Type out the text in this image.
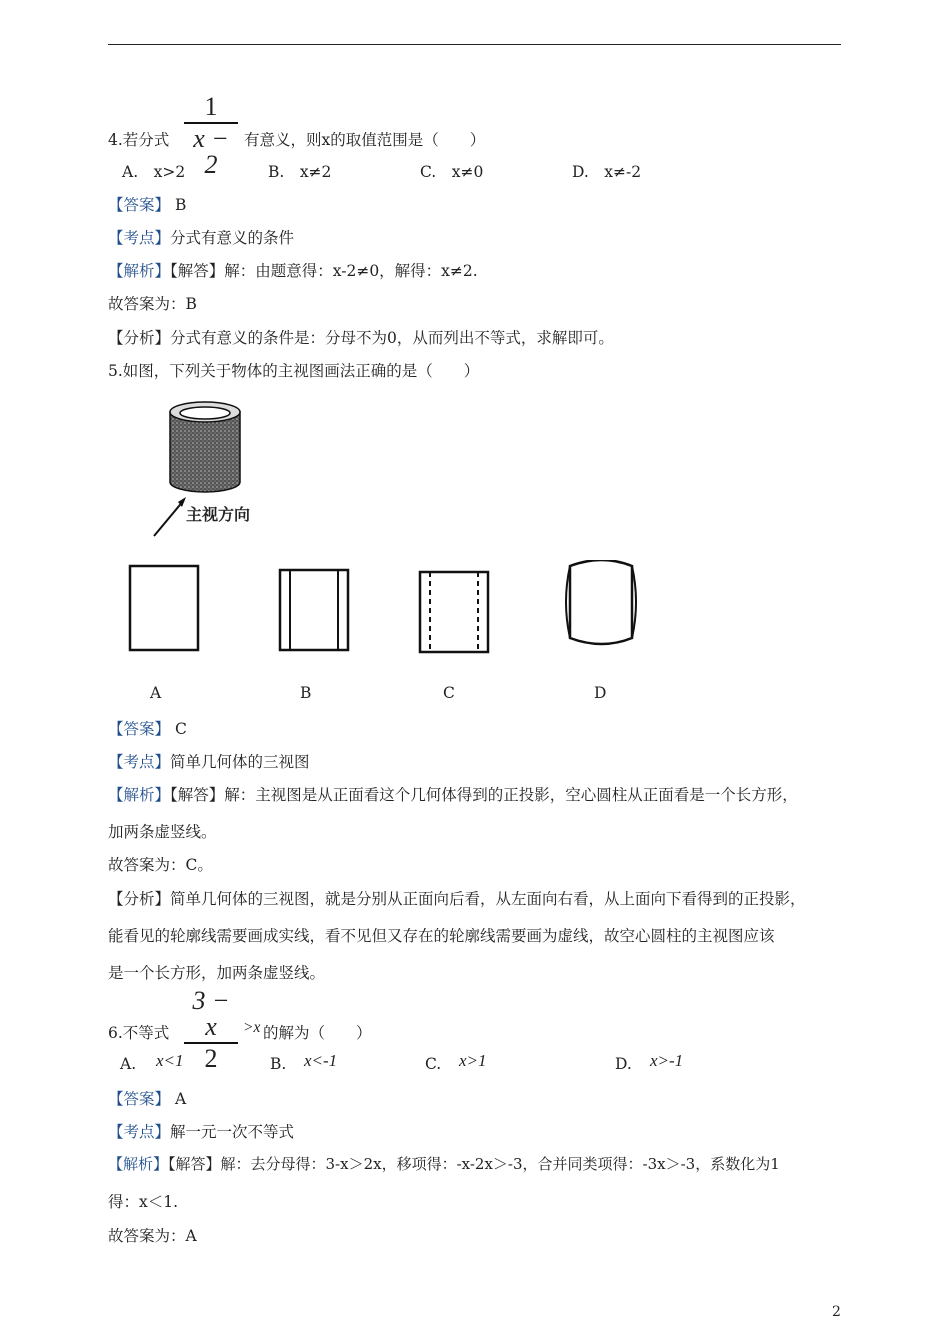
4.若分式
1
x − 2
有意义，则x的取值范围是（　　）
A.　x>2	B.　x≠2	C.　x≠0	D.　x≠-2
【答案】 B
【考点】分式有意义的条件
【解析】【解答】解：由题意得：x-2≠0，解得：x≠2.
故答案为：B
【分析】分式有意义的条件是：分母不为0，从而列出不等式，求解即可。
5.如图，下列关于物体的主视图画法正确的是（　　）
主视方向
A	B	C	D
【答案】 C
【考点】简单几何体的三视图
【解析】【解答】解：主视图是从正面看这个几何体得到的正投影，空心圆柱从正面看是一个长方形，
加两条虚竖线。
故答案为：C。
【分析】简单几何体的三视图，就是分别从正面向后看，从左面向右看，从上面向下看得到的正投影，
能看见的轮廓线需要画成实线，看不见但又存在的轮廓线需要画为虚线，故空心圆柱的主视图应该
是一个长方形，加两条虚竖线。
6.不等式
3 − x
2
>x 的解为（　　）
A. x<1	B. x<-1	C. x>1	D. x>-1
【答案】 A
【考点】解一元一次不等式
【解析】【解答】解：去分母得：3-x＞2x，移项得：-x-2x＞-3，合并同类项得：-3x＞-3，系数化为1
得：x＜1.
故答案为：A
2
